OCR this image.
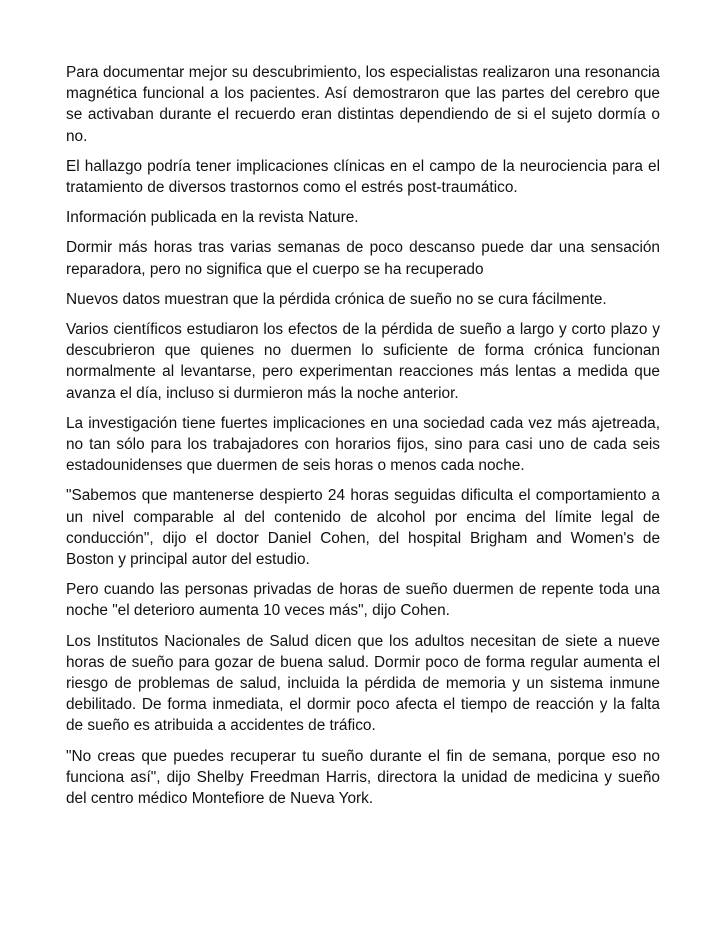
Para documentar mejor su descubrimiento, los especialistas realizaron una resonancia magnética funcional a los pacientes. Así demostraron que las partes del cerebro que se activaban durante el recuerdo eran distintas dependiendo de si el sujeto dormía o no.

El hallazgo podría tener implicaciones clínicas en el campo de la neurociencia para el tratamiento de diversos trastornos como el estrés post-traumático.

Información publicada en la revista Nature.

Dormir más horas tras varias semanas de poco descanso puede dar una sensación reparadora, pero no significa que el cuerpo se ha recuperado

Nuevos datos muestran que la pérdida crónica de sueño no se cura fácilmente.

Varios científicos estudiaron los efectos de la pérdida de sueño a largo y corto plazo y descubrieron que quienes no duermen lo suficiente de forma crónica funcionan normalmente al levantarse, pero experimentan reacciones más lentas a medida que avanza el día, incluso si durmieron más la noche anterior.

La investigación tiene fuertes implicaciones en una sociedad cada vez más ajetreada, no tan sólo para los trabajadores con horarios fijos, sino para casi uno de cada seis estadounidenses que duermen de seis horas o menos cada noche.

"Sabemos que mantenerse despierto 24 horas seguidas dificulta el comportamiento a un nivel comparable al del contenido de alcohol por encima del límite legal de conducción", dijo el doctor Daniel Cohen, del hospital Brigham and Women's de Boston y principal autor del estudio.

Pero cuando las personas privadas de horas de sueño duermen de repente toda una noche "el deterioro aumenta 10 veces más", dijo Cohen.

Los Institutos Nacionales de Salud dicen que los adultos necesitan de siete a nueve horas de sueño para gozar de buena salud. Dormir poco de forma regular aumenta el riesgo de problemas de salud, incluida la pérdida de memoria y un sistema inmune debilitado. De forma inmediata, el dormir poco afecta el tiempo de reacción y la falta de sueño es atribuida a accidentes de tráfico.

"No creas que puedes recuperar tu sueño durante el fin de semana, porque eso no funciona así", dijo Shelby Freedman Harris, directora la unidad de medicina y sueño del centro médico Montefiore de Nueva York.
